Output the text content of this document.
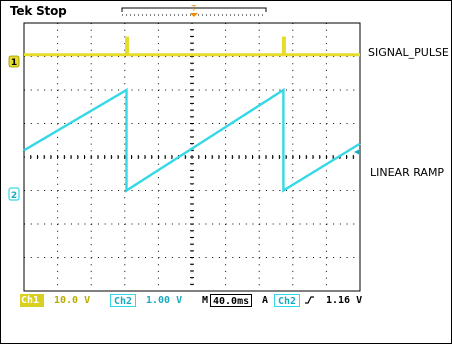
Tek Stop	T
1
2
SIGNAL_PULSE
LINEAR RAMP
Ch1	10.0 V	Ch2	1.00 V M 40.0ms	A Ch2	1.16 V
